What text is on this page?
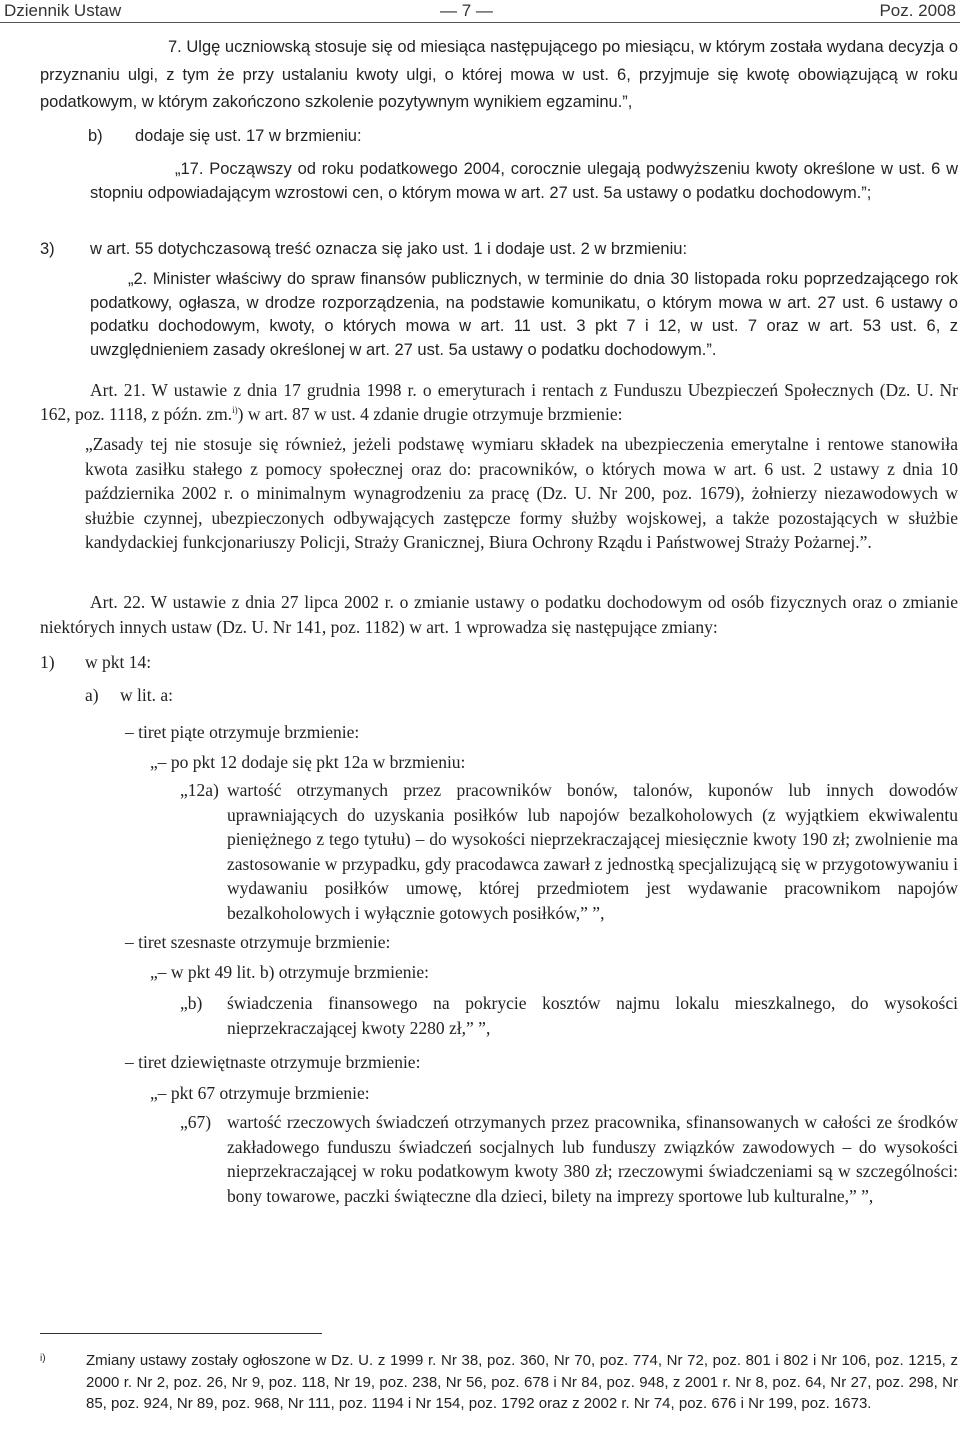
Dziennik Ustaw	— 7 —	Poz. 2008

7. Ulgę uczniowską stosuje się od miesiąca następującego po miesiącu, w którym została wydana decyzja o przyznaniu ulgi, z tym że przy ustalaniu kwoty ulgi, o której mowa w ust. 6, przyjmuje się kwotę obowiązującą w roku podatkowym, w którym zakończono szkolenie pozytywnym wynikiem egzaminu.”,

b) dodaje się ust. 17 w brzmieniu:

„17. Począwszy od roku podatkowego 2004, corocznie ulegają podwyższeniu kwoty określone w ust. 6 w stopniu odpowiadającym wzrostowi cen, o którym mowa w art. 27 ust. 5a ustawy o podatku dochodowym.”;

3) w art. 55 dotychczasową treść oznacza się jako ust. 1 i dodaje ust. 2 w brzmieniu:

„2. Minister właściwy do spraw finansów publicznych, w terminie do dnia 30 listopada roku poprzedzającego rok podatkowy, ogłasza, w drodze rozporządzenia, na podstawie komunikatu, o którym mowa w art. 27 ust. 6 ustawy o podatku dochodowym, kwoty, o których mowa w art. 11 ust. 3 pkt 7 i 12, w ust. 7 oraz w art. 53 ust. 6, z uwzględnieniem zasady określonej w art. 27 ust. 5a ustawy o podatku dochodowym.”.

Art. 21. W ustawie z dnia 17 grudnia 1998 r. o emeryturach i rentach z Funduszu Ubezpieczeń Społecznych (Dz. U. Nr 162, poz. 1118, z późn. zm.$^{i)}$) w art. 87 w ust. 4 zdanie drugie otrzymuje brzmienie:

„Zasady tej nie stosuje się również, jeżeli podstawę wymiaru składek na ubezpieczenia emerytalne i rentowe stanowiła kwota zasiłku stałego z pomocy społecznej oraz do: pracowników, o których mowa w art. 6 ust. 2 ustawy z dnia 10 października 2002 r. o minimalnym wynagrodzeniu za pracę (Dz. U. Nr 200, poz. 1679), żołnierzy niezawodowych w służbie czynnej, ubezpieczonych odbywających zastępcze formy służby wojskowej, a także pozostających w służbie kandydackiej funkcjonariuszy Policji, Straży Granicznej, Biura Ochrony Rządu i Państwowej Straży Pożarnej.”.

Art. 22. W ustawie z dnia 27 lipca 2002 r. o zmianie ustawy o podatku dochodowym od osób fizycznych oraz o zmianie niektórych innych ustaw (Dz. U. Nr 141, poz. 1182) w art. 1 wprowadza się następujące zmiany:

1) w pkt 14:
a) w lit. a:
– tiret piąte otrzymuje brzmienie:
„– po pkt 12 dodaje się pkt 12a w brzmieniu:
„12a) wartość otrzymanych przez pracowników bonów, talonów, kuponów lub innych dowodów uprawniających do uzyskania posiłków lub napojów bezalkoholowych (z wyjątkiem ekwiwalentu pieniężnego z tego tytułu) – do wysokości nieprzekraczającej miesięcznie kwoty 190 zł; zwolnienie ma zastosowanie w przypadku, gdy pracodawca zawarł z jednostką specjalizującą się w przygotowywaniu i wydawaniu posiłków umowę, której przedmiotem jest wydawanie pracownikom napojów bezalkoholowych i wyłącznie gotowych posiłków,” ”,

– tiret szesnaste otrzymuje brzmienie:
„– w pkt 49 lit. b) otrzymuje brzmienie:
„b) świadczenia finansowego na pokrycie kosztów najmu lokalu mieszkalnego, do wysokości nieprzekraczającej kwoty 2280 zł,” ”,

– tiret dziewiętnaste otrzymuje brzmienie:
„– pkt 67 otrzymuje brzmienie:
„67) wartość rzeczowych świadczeń otrzymanych przez pracownika, sfinansowanych w całości ze środków zakładowego funduszu świadczeń socjalnych lub funduszy związków zawodowych – do wysokości nieprzekraczającej w roku podatkowym kwoty 380 zł; rzeczowymi świadczeniami są w szczególności: bony towarowe, paczki świąteczne dla dzieci, bilety na imprezy sportowe lub kulturalne,” ”,

i)	Zmiany ustawy zostały ogłoszone w Dz. U. z 1999 r. Nr 38, poz. 360, Nr 70, poz. 774, Nr 72, poz. 801 i 802 i Nr 106, poz. 1215, z 2000 r. Nr 2, poz. 26, Nr 9, poz. 118, Nr 19, poz. 238, Nr 56, poz. 678 i Nr 84, poz. 948, z 2001 r. Nr 8, poz. 64, Nr 27, poz. 298, Nr 85, poz. 924, Nr 89, poz. 968, Nr 111, poz. 1194 i Nr 154, poz. 1792 oraz z 2002 r. Nr 74, poz. 676 i Nr 199, poz. 1673.
